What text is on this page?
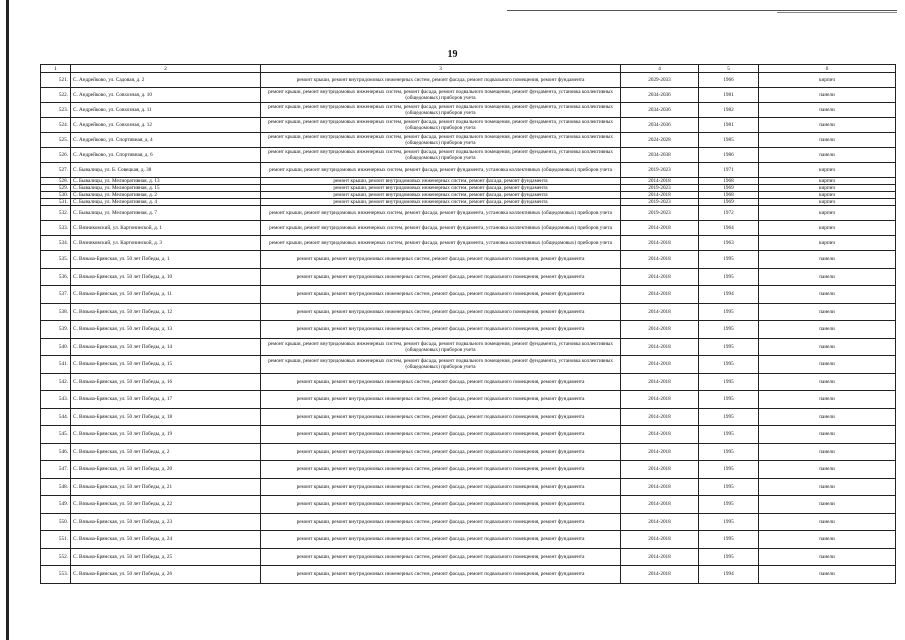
19
1	2	3	4	5	6
521.	С. Андрейково, ул. Садовая, д. 2	ремонт крыши, ремонт внутридомовых инженерных систем, ремонт фасада, ремонт подвального помещения, ремонт фундамента	2029-2033	1966	кирпич
522.	С. Андрейково, ул. Совхозная, д. 10	ремонт крыши, ремонт внутридомовых инженерных систем, ремонт фасада, ремонт подвального помещения, ремонт фундамента, установка коллективных (общедомовых) приборов учета	2034-2036	1981	панели
523.	С. Андрейково, ул. Совхозная, д. 11	ремонт крыши, ремонт внутридомовых инженерных систем, ремонт фасада, ремонт подвального помещения, ремонт фундамента, установка коллективных (общедомовых) приборов учета	2034-2036	1982	панели
524.	С. Андрейково, ул. Совхозная, д. 12	ремонт крыши, ремонт внутридомовых инженерных систем, ремонт фасада, ремонт подвального помещения, ремонт фундамента, установка коллективных (общедомовых) приборов учета	2034-2036	1981	панели
525.	С. Андрейково, ул. Спортивная, д. 4	ремонт крыши, ремонт внутридомовых инженерных систем, ремонт фасада, ремонт подвального помещения, ремонт фундамента, установка коллективных (общедомовых) приборов учета	2024-2028	1985	панели
526.	С. Андрейково, ул. Спортивная, д. 6	ремонт крыши, ремонт внутридомовых инженерных систем, ремонт фасада, ремонт подвального помещения, ремонт фундамента, установка коллективных (общедомовых) приборов учета	2034-2038	1986	панели
527.	С. Бывалицы, ул. Б. Совецкая, д. 38	ремонт крыши, ремонт внутридомовых инженерных систем, ремонт фасада, ремонт фундамента, установка коллективных (общедомовых) приборов учета	2019-2023	1971	кирпич
528.	С. Бывалицы, ул. Мелиоративная, д. 13	ремонт крыши, ремонт внутридомовых инженерных систем, ремонт фасада, ремонт фундамента	2014-2018	1968	кирпич
529.	С. Бывалицы, ул. Мелиоративная, д. 15	ремонт крыши, ремонт внутридомовых инженерных систем, ремонт фасада, ремонт фундамента	2019-2023	1969	кирпич
530.	С. Бывалицы, ул. Мелиоративная, д. 2	ремонт крыши, ремонт внутридомовых инженерных систем, ремонт фасада, ремонт фундамента	2014-2018	1968	кирпич
531.	С. Бывалицы, ул. Мелиоративная, д. 4	ремонт крыши, ремонт внутридомовых инженерных систем, ремонт фасада, ремонт фундамента	2019-2023	1969	кирпич
532.	С. Бывалицы, ул. Мелиоративная, д. 7	ремонт крыши, ремонт внутридомовых инженерных систем, ремонт фасада, ремонт фундамента, установка коллективных (общедомовых) приборов учета	2019-2023	1972	кирпич
533.	С. Вязниковский, ул. Картонинской, д. 1	ремонт крыши, ремонт внутридомовых инженерных систем, ремонт фасада, ремонт фундамента, установка коллективных (общедомовых) приборов учета	2014-2018	1964	кирпич
534.	С. Вязниковский, ул. Картонинской, д. 3	ремонт крыши, ремонт внутридомовых инженерных систем, ремонт фасада, ремонт фундамента, установка коллективных (общедомовых) приборов учета	2014-2018	1963	кирпич
535.	С. Вязьма-Брянская, ул. 50 лет Победы, д. 1	ремонт крыши, ремонт внутридомовых инженерных систем, ремонт фасада, ремонт подвального помещения, ремонт фундамента	2014-2018	1995	панели
536.	С. Вязьма-Брянская, ул. 50 лет Победы, д. 10	ремонт крыши, ремонт внутридомовых инженерных систем, ремонт фасада, ремонт подвального помещения, ремонт фундамента	2014-2018	1995	панели
537.	С. Вязьма-Брянская, ул. 50 лет Победы, д. 11	ремонт крыши, ремонт внутридомовых инженерных систем, ремонт фасада, ремонт подвального помещения, ремонт фундамента	2014-2018	1994	панели
538.	С. Вязьма-Брянская, ул. 50 лет Победы, д. 12	ремонт крыши, ремонт внутридомовых инженерных систем, ремонт фасада, ремонт подвального помещения, ремонт фундамента	2014-2018	1995	панели
539.	С. Вязьма-Брянская, ул. 50 лет Победы, д. 13	ремонт крыши, ремонт внутридомовых инженерных систем, ремонт фасада, ремонт подвального помещения, ремонт фундамента	2014-2018	1995	панели
540.	С. Вязьма-Брянская, ул. 50 лет Победы, д. 14	ремонт крыши, ремонт внутридомовых инженерных систем, ремонт фасада, ремонт подвального помещения, ремонт фундамента, установка коллективных (общедомовых) приборов учета	2014-2018	1995	панели
541.	С. Вязьма-Брянская, ул. 50 лет Победы, д. 15	ремонт крыши, ремонт внутридомовых инженерных систем, ремонт фасада, ремонт подвального помещения, ремонт фундамента, установка коллективных (общедомовых) приборов учета	2014-2018	1995	панели
542.	С. Вязьма-Брянская, ул. 50 лет Победы, д. 16	ремонт крыши, ремонт внутридомовых инженерных систем, ремонт фасада, ремонт подвального помещения, ремонт фундамента	2014-2018	1995	панели
543.	С. Вязьма-Брянская, ул. 50 лет Победы, д. 17	ремонт крыши, ремонт внутридомовых инженерных систем, ремонт фасада, ремонт подвального помещения, ремонт фундамента	2014-2018	1995	панели
544.	С. Вязьма-Брянская, ул. 50 лет Победы, д. 18	ремонт крыши, ремонт внутридомовых инженерных систем, ремонт фасада, ремонт подвального помещения, ремонт фундамента	2014-2018	1995	панели
545.	С. Вязьма-Брянская, ул. 50 лет Победы, д. 19	ремонт крыши, ремонт внутридомовых инженерных систем, ремонт фасада, ремонт подвального помещения, ремонт фундамента	2014-2018	1995	панели
546.	С. Вязьма-Брянская, ул. 50 лет Победы, д. 2	ремонт крыши, ремонт внутридомовых инженерных систем, ремонт фасада, ремонт подвального помещения, ремонт фундамента	2014-2018	1995	панели
547.	С. Вязьма-Брянская, ул. 50 лет Победы, д. 20	ремонт крыши, ремонт внутридомовых инженерных систем, ремонт фасада, ремонт подвального помещения, ремонт фундамента	2014-2018	1995	панели
548.	С. Вязьма-Брянская, ул. 50 лет Победы, д. 21	ремонт крыши, ремонт внутридомовых инженерных систем, ремонт фасада, ремонт подвального помещения, ремонт фундамента	2014-2018	1995	панели
549.	С. Вязьма-Брянская, ул. 50 лет Победы, д. 22	ремонт крыши, ремонт внутридомовых инженерных систем, ремонт фасада, ремонт подвального помещения, ремонт фундамента	2014-2018	1995	панели
550.	С. Вязьма-Брянская, ул. 50 лет Победы, д. 23	ремонт крыши, ремонт внутридомовых инженерных систем, ремонт фасада, ремонт подвального помещения, ремонт фундамента	2014-2018	1995	панели
551.	С. Вязьма-Брянская, ул. 50 лет Победы, д. 24	ремонт крыши, ремонт внутридомовых инженерных систем, ремонт фасада, ремонт подвального помещения, ремонт фундамента	2014-2018	1995	панели
552.	С. Вязьма-Брянская, ул. 50 лет Победы, д. 25	ремонт крыши, ремонт внутридомовых инженерных систем, ремонт фасада, ремонт подвального помещения, ремонт фундамента	2014-2018	1995	панели
553.	С. Вязьма-Брянская, ул. 50 лет Победы, д. 26	ремонт крыши, ремонт внутридомовых инженерных систем, ремонт фасада, ремонт подвального помещения, ремонт фундамента	2014-2018	1994	панели
